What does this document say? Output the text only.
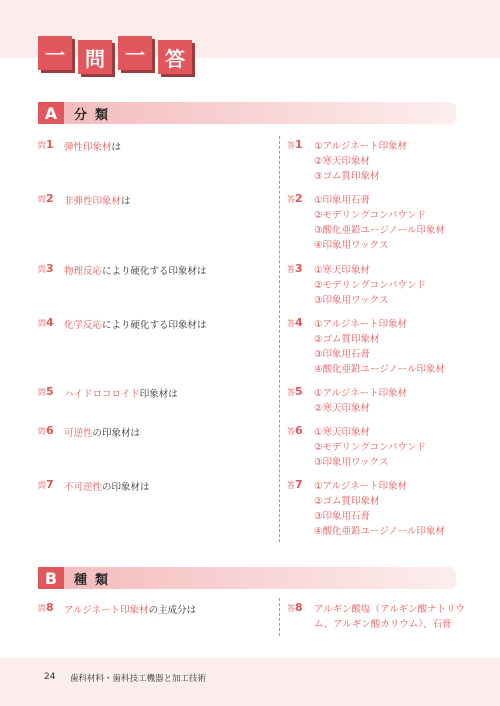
一	問	一	答
A	分類
問1 弾性印象材は	答1 ①アルジネート印象材
②寒天印象材
③ゴム質印象材
問2 非弾性印象材は	答2 ①印象用石膏
②モデリングコンパウンド
③酸化亜鉛ユージノール印象材
④印象用ワックス
問3 物理反応により硬化する印象材は	答3 ①寒天印象材
②モデリングコンパウンド
③印象用ワックス
問4 化学反応により硬化する印象材は	答4 ①アルジネート印象材
②ゴム質印象材
③印象用石膏
④酸化亜鉛ユージノール印象材
問5 ハイドロコロイド印象材は	答5 ①アルジネート印象材
②寒天印象材
問6 可逆性の印象材は	答6 ①寒天印象材
②モデリングコンパウンド
③印象用ワックス
問7 不可逆性の印象材は	答7 ①アルジネート印象材
②ゴム質印象材
③印象用石膏
④酸化亜鉛ユージノール印象材
B	種類
問8 アルジネート印象材の主成分は	答8 アルギン酸塩（アルギン酸ナトリウ
ム、アルギン酸カリウム）、石膏
24 歯科材料・歯科技工機器と加工技術
